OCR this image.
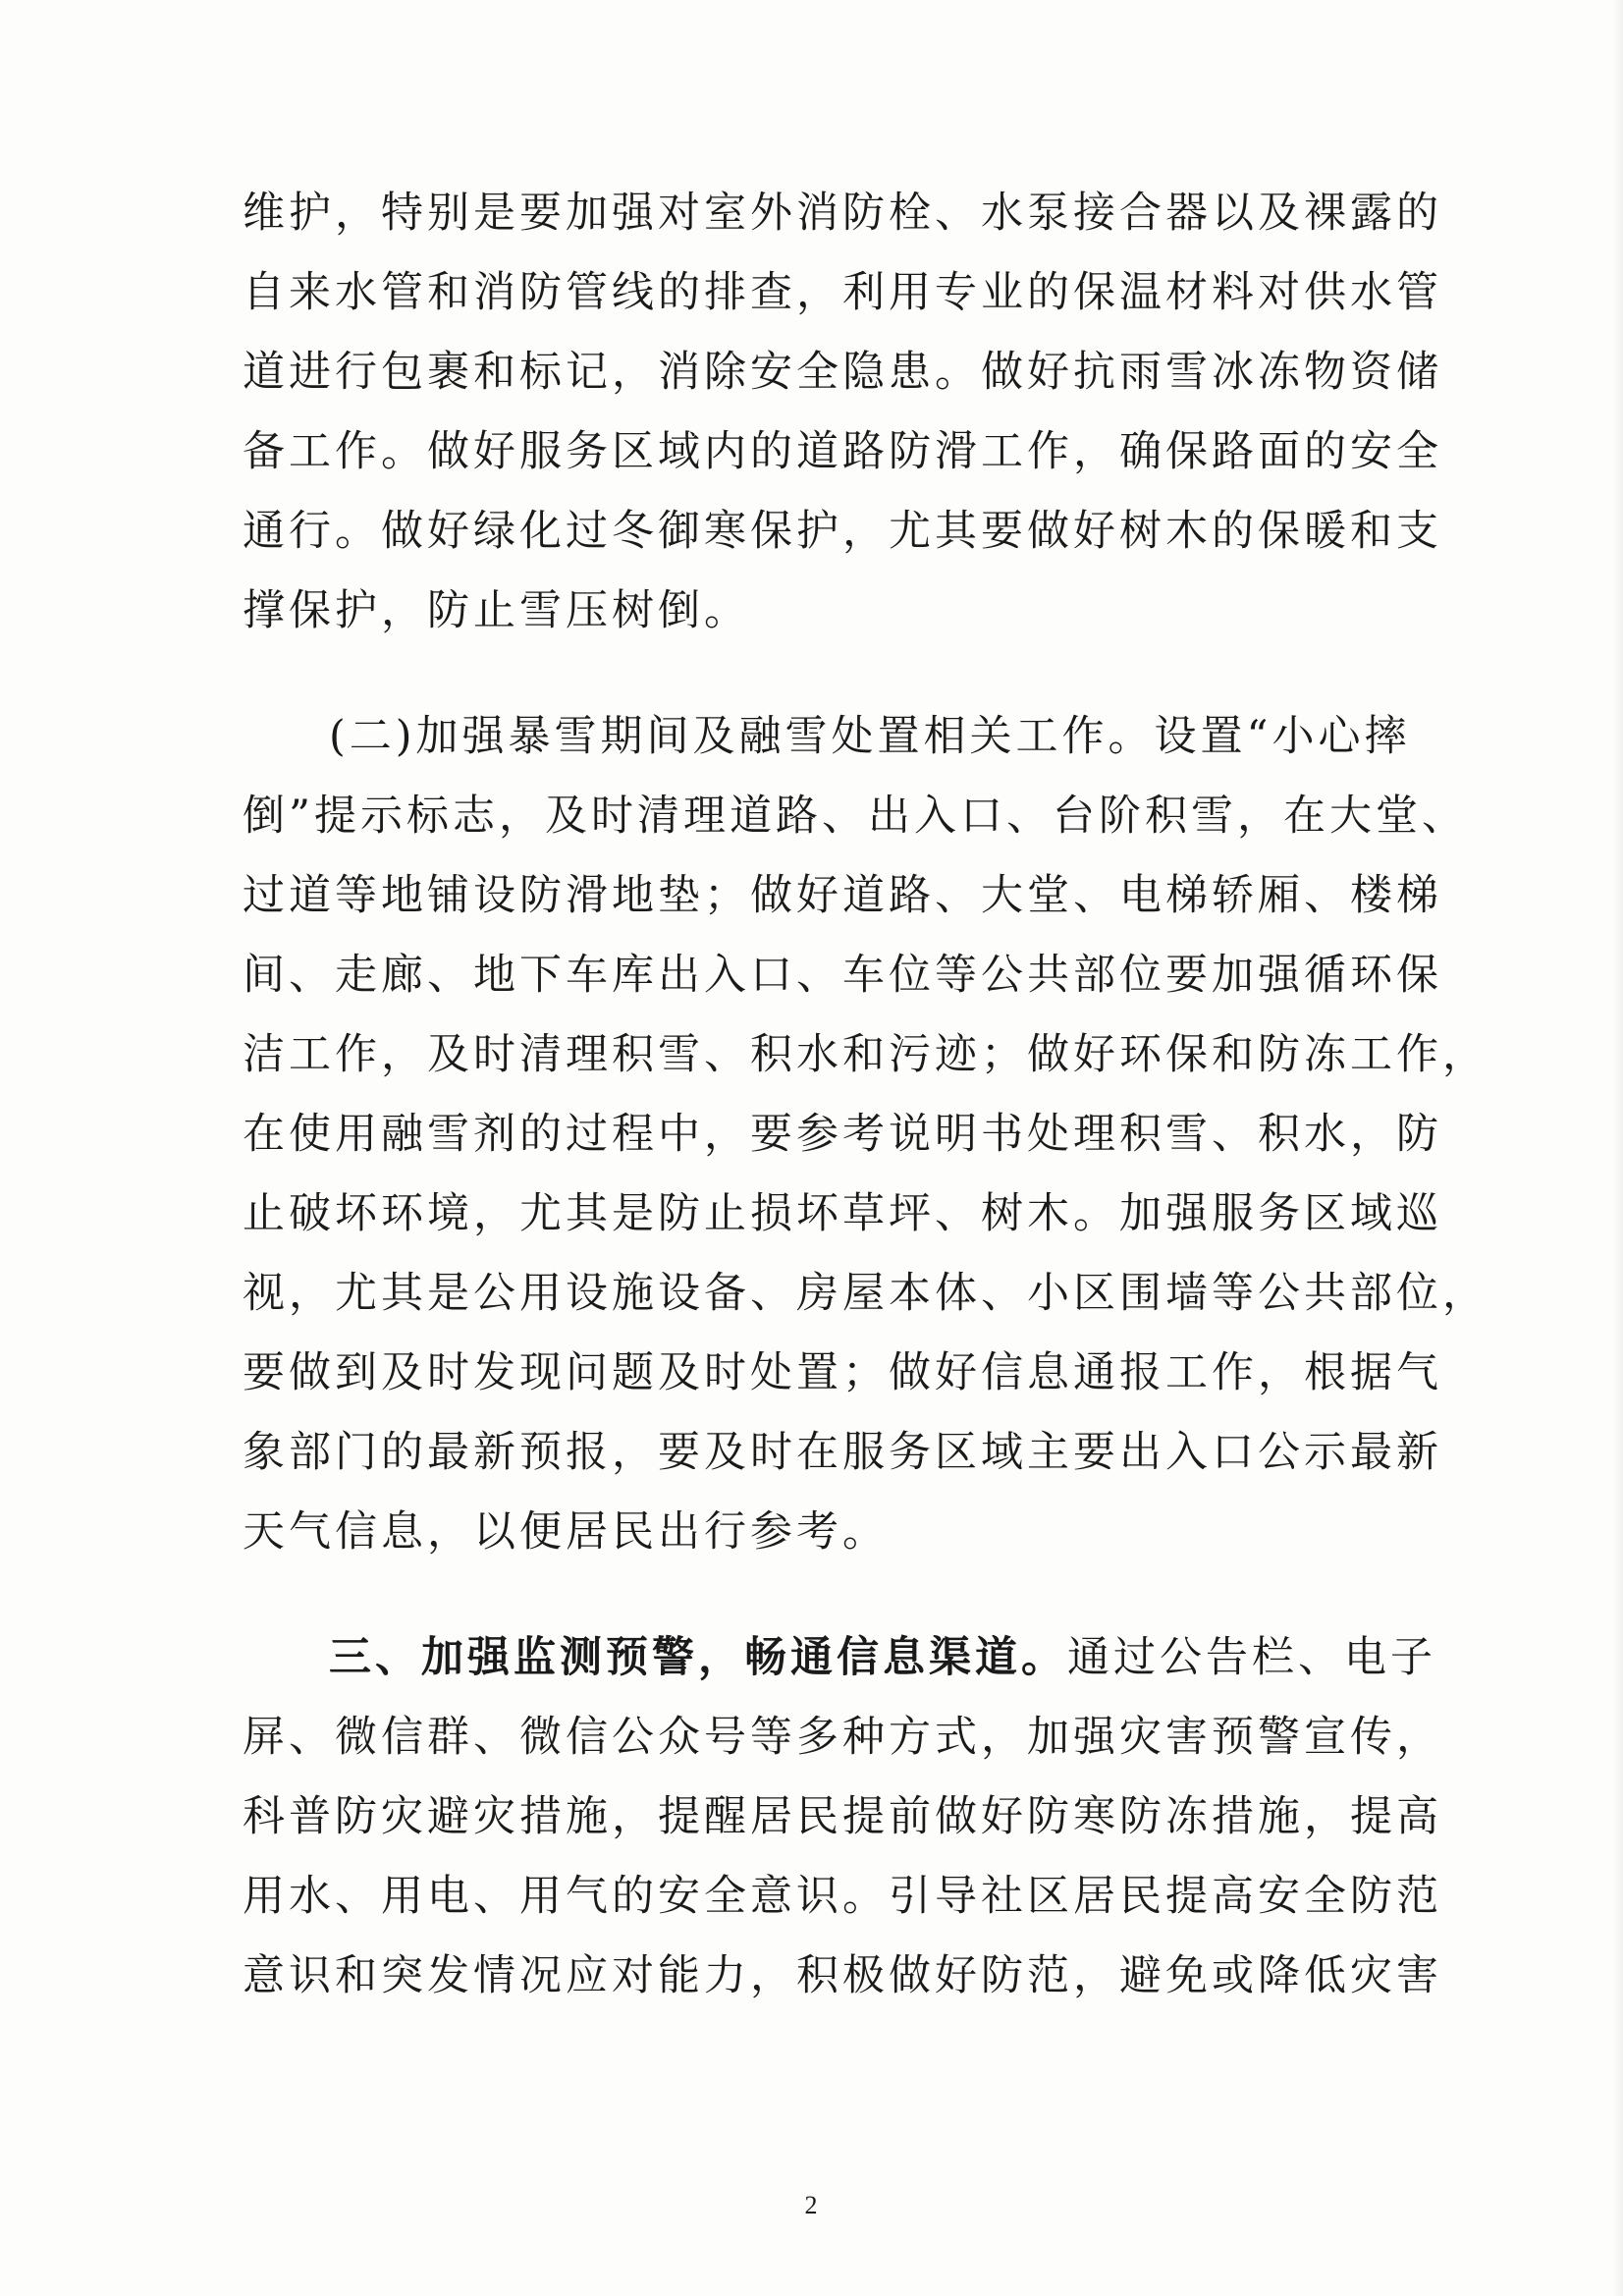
维护，特别是要加强对室外消防栓、水泵接合器以及裸露的
自来水管和消防管线的排查，利用专业的保温材料对供水管
道进行包裹和标记，消除安全隐患。做好抗雨雪冰冻物资储
备工作。做好服务区域内的道路防滑工作，确保路面的安全
通行。做好绿化过冬御寒保护，尤其要做好树木的保暖和支
撑保护，防止雪压树倒。
(二)加强暴雪期间及融雪处置相关工作。设置“小心摔
倒”提示标志，及时清理道路、出入口、台阶积雪，在大堂、
过道等地铺设防滑地垫；做好道路、大堂、电梯轿厢、楼梯
间、走廊、地下车库出入口、车位等公共部位要加强循环保
洁工作，及时清理积雪、积水和污迹；做好环保和防冻工作，
在使用融雪剂的过程中，要参考说明书处理积雪、积水，防
止破坏环境，尤其是防止损坏草坪、树木。加强服务区域巡
视，尤其是公用设施设备、房屋本体、小区围墙等公共部位，
要做到及时发现问题及时处置；做好信息通报工作，根据气
象部门的最新预报，要及时在服务区域主要出入口公示最新
天气信息，以便居民出行参考。
三、加强监测预警，畅通信息渠道。通过公告栏、电子
屏、微信群、微信公众号等多种方式，加强灾害预警宣传，
科普防灾避灾措施，提醒居民提前做好防寒防冻措施，提高
用水、用电、用气的安全意识。引导社区居民提高安全防范
意识和突发情况应对能力，积极做好防范，避免或降低灾害
2
